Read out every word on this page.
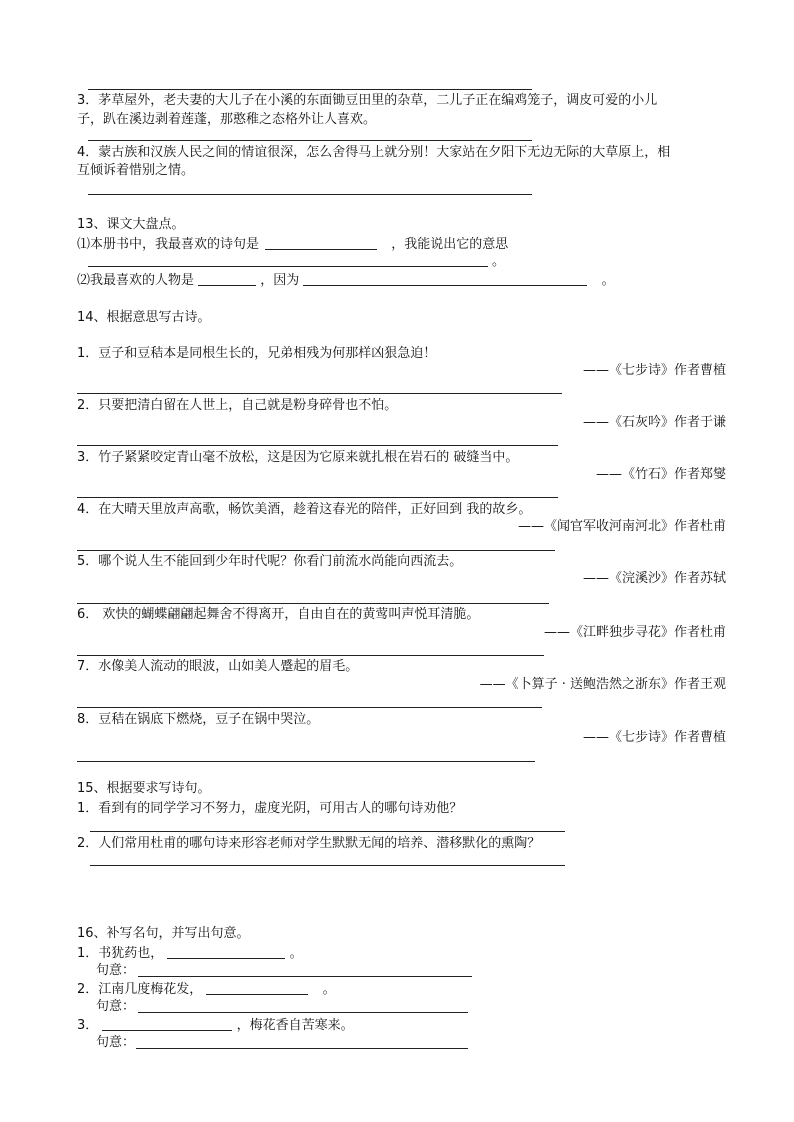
3．茅草屋外，老夫妻的大儿子在小溪的东面锄豆田里的杂草，二儿子正在编鸡笼子，调皮可爱的小儿
子，趴在溪边剥着莲蓬，那憨稚之态格外让人喜欢。
4．蒙古族和汉族人民之间的情谊很深，怎么舍得马上就分别！大家站在夕阳下无边无际的大草原上，相
互倾诉着惜别之情。
13、课文大盘点。
⑴本册书中，我最喜欢的诗句是	，我能说出它的意思
。
⑵我最喜欢的人物是	，因为	。
14、根据意思写古诗。
1．豆子和豆秸本是同根生长的，兄弟相残为何那样凶狠急迫！
——《七步诗》作者曹植
2．只要把清白留在人世上，自己就是粉身碎骨也不怕。
——《石灰吟》作者于谦
3．竹子紧紧咬定青山毫不放松，这是因为它原来就扎根在岩石的 破缝当中。
——《竹石》作者郑燮
4．在大晴天里放声高歌，畅饮美酒，趁着这春光的陪伴，正好回到 我的故乡。
——《闻官军收河南河北》作者杜甫
5．哪个说人生不能回到少年时代呢？你看门前流水尚能向西流去。
——《浣溪沙》作者苏轼
6． 欢快的蝴蝶翩翩起舞舍不得离开，自由自在的黄莺叫声悦耳清脆。
——《江畔独步寻花》作者杜甫
7．水像美人流动的眼波，山如美人蹙起的眉毛。
——《卜算子 · 送鲍浩然之浙东》作者王观
8．豆秸在锅底下燃烧，豆子在锅中哭泣。
——《七步诗》作者曹植
15、根据要求写诗句。
1．看到有的同学学习不努力，虚度光阴，可用古人的哪句诗劝他？
2．人们常用杜甫的哪句诗来形容老师对学生默默无闻的培养、潜移默化的熏陶？
16、补写名句，并写出句意。
1．书犹药也，	。
句意：
2．江南几度梅花发，	。
句意：
3．	，梅花香自苦寒来。
句意：
